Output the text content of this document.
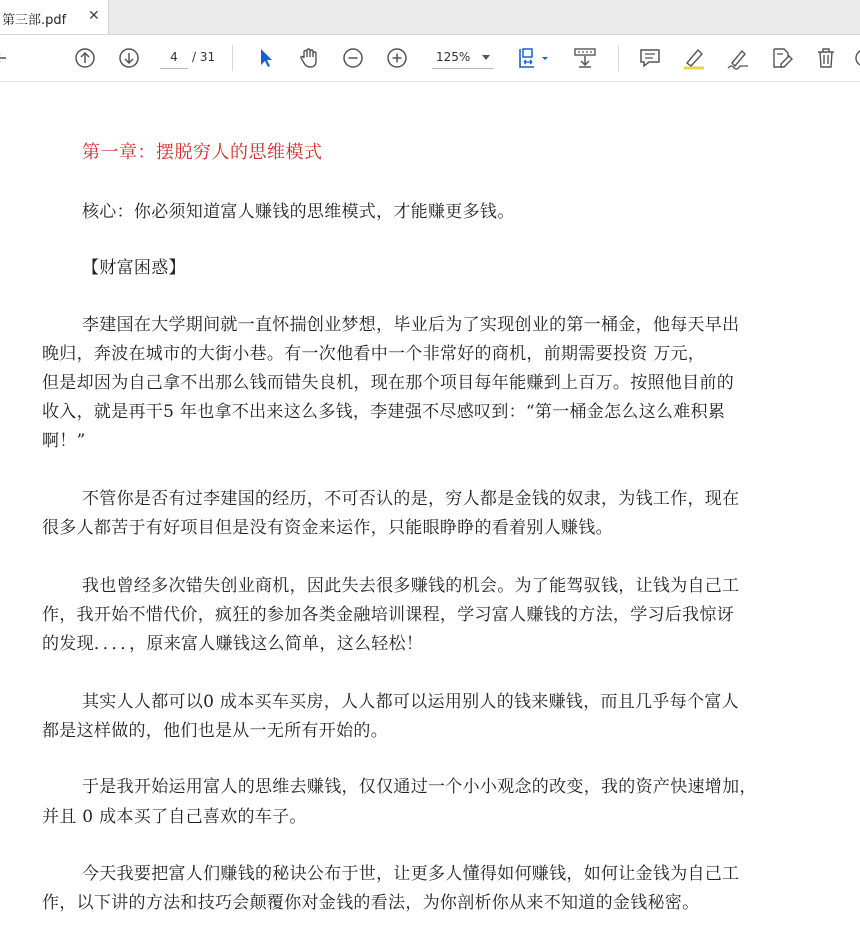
第三部.pdf ✕
4	/ 31	125%
第一章：摆脱穷人的思维模式
核心：你必须知道富人赚钱的思维模式，才能赚更多钱。
【财富困惑】
李建国在大学期间就一直怀揣创业梦想，毕业后为了实现创业的第一桶金，他每天早出
晚归，奔波在城市的大街小巷。有一次他看中一个非常好的商机，前期需要投资 万元，
但是却因为自己拿不出那么钱而错失良机，现在那个项目每年能赚到上百万。按照他目前的
收入，就是再干5 年也拿不出来这么多钱，李建强不尽感叹到：“第一桶金怎么这么难积累
啊！”
不管你是否有过李建国的经历，不可否认的是，穷人都是金钱的奴隶，为钱工作，现在
很多人都苦于有好项目但是没有资金来运作，只能眼睁睁的看着别人赚钱。
我也曾经多次错失创业商机，因此失去很多赚钱的机会。为了能驾驭钱，让钱为自己工
作，我开始不惜代价，疯狂的参加各类金融培训课程，学习富人赚钱的方法，学习后我惊讶
的发现．．．．，原来富人赚钱这么简单，这么轻松！
其实人人都可以0 成本买车买房，人人都可以运用别人的钱来赚钱，而且几乎每个富人
都是这样做的，他们也是从一无所有开始的。
于是我开始运用富人的思维去赚钱，仅仅通过一个小小观念的改变，我的资产快速增加，
并且 0 成本买了自己喜欢的车子。
今天我要把富人们赚钱的秘诀公布于世，让更多人懂得如何赚钱，如何让金钱为自己工
作，以下讲的方法和技巧会颠覆你对金钱的看法，为你剖析你从来不知道的金钱秘密。
